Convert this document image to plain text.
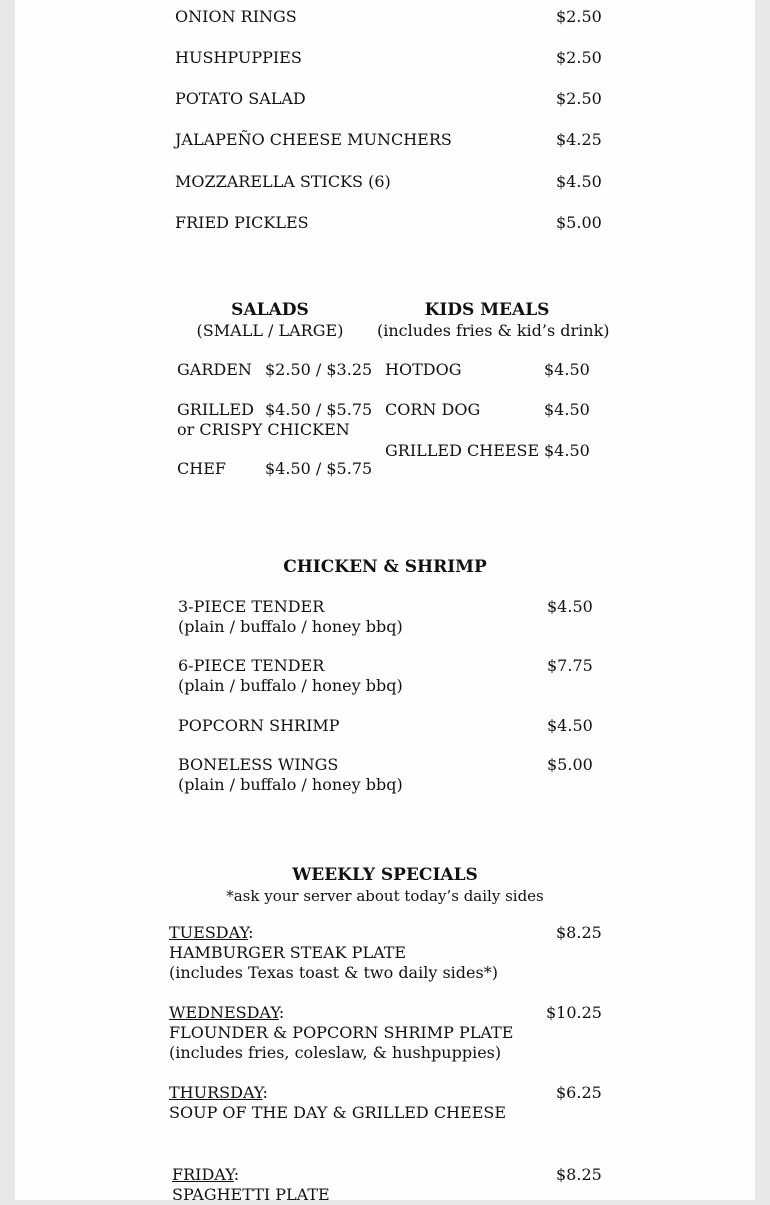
ONION RINGS	$2.50
HUSHPUPPIES	$2.50
POTATO SALAD	$2.50
JALAPEÑO CHEESE MUNCHERS	$4.25
MOZZARELLA STICKS (6)	$4.50
FRIED PICKLES	$5.00
SALADS
(SMALL / LARGE)
GARDEN $2.50 / $3.25
GRILLED $4.50 / $5.75
or CRISPY CHICKEN
CHEF $4.50 / $5.75
KIDS MEALS
(includes fries & kid’s drink)
HOTDOG	$4.50
CORN DOG	$4.50
GRILLED CHEESE $4.50
CHICKEN & SHRIMP
3-PIECE TENDER
(plain / buffalo / honey bbq)
$4.50
6-PIECE TENDER
(plain / buffalo / honey bbq)
$7.75
POPCORN SHRIMP	$4.50
BONELESS WINGS
(plain / buffalo / honey bbq)
$5.00
WEEKLY SPECIALS
*ask your server about today’s daily sides
TUESDAY:
HAMBURGER STEAK PLATE
(includes Texas toast & two daily sides*)
$8.25
WEDNESDAY:
FLOUNDER & POPCORN SHRIMP PLATE
(includes fries, coleslaw, & hushpuppies)
$10.25
THURSDAY:
SOUP OF THE DAY & GRILLED CHEESE
$6.25
FRIDAY:
SPAGHETTI PLATE
$8.25
